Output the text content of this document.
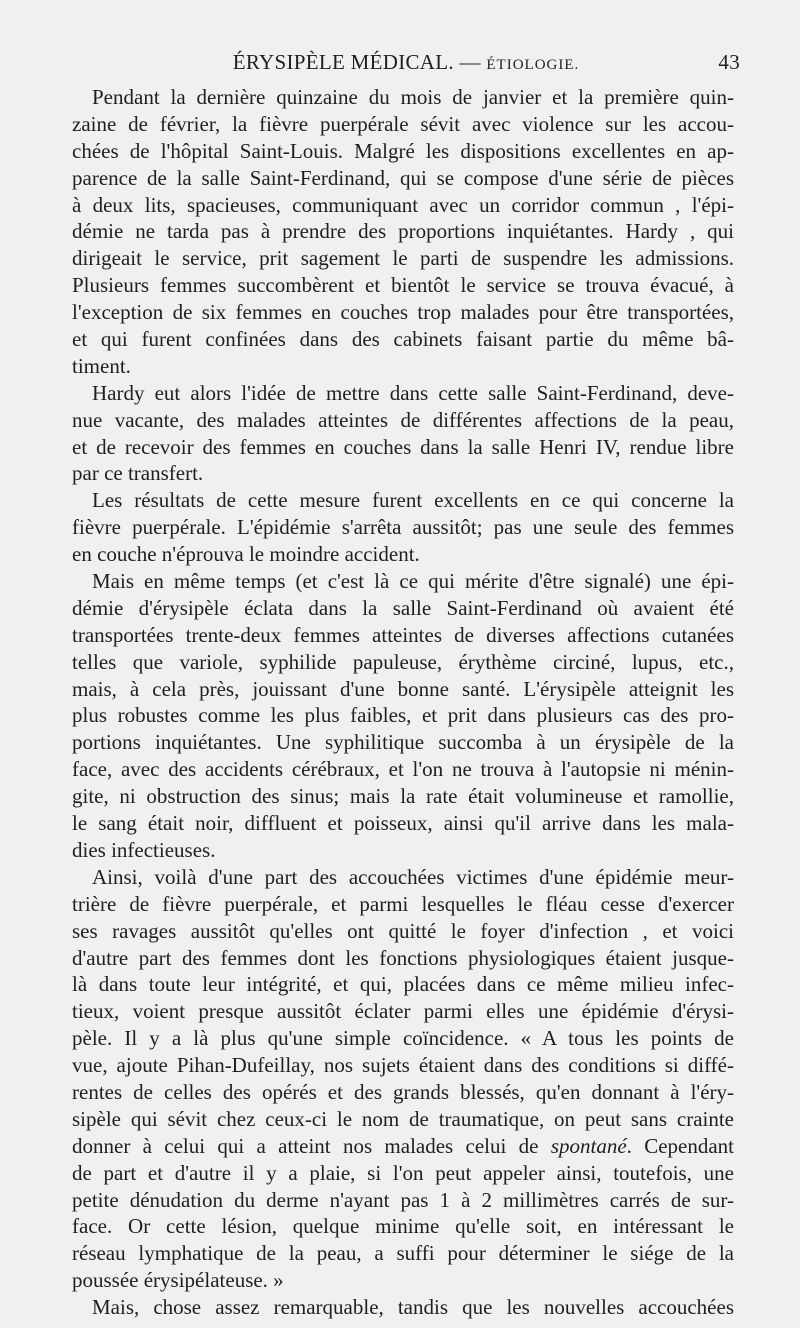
ÉRYSIPÈLE MÉDICAL. — ÉTIOLOGIE.	43
Pendant la dernière quinzaine du mois de janvier et la première quin-
zaine de février, la fièvre puerpérale sévit avec violence sur les accou-
chées de l'hôpital Saint-Louis. Malgré les dispositions excellentes en ap-
parence de la salle Saint-Ferdinand, qui se compose d'une série de pièces
à deux lits, spacieuses, communiquant avec un corridor commun , l'épi-
démie ne tarda pas à prendre des proportions inquiétantes. Hardy , qui
dirigeait le service, prit sagement le parti de suspendre les admissions.
Plusieurs femmes succombèrent et bientôt le service se trouva évacué, à
l'exception de six femmes en couches trop malades pour être transportées,
et qui furent confinées dans des cabinets faisant partie du même bâ-
timent.
Hardy eut alors l'idée de mettre dans cette salle Saint-Ferdinand, deve-
nue vacante, des malades atteintes de différentes affections de la peau,
et de recevoir des femmes en couches dans la salle Henri IV, rendue libre
par ce transfert.
Les résultats de cette mesure furent excellents en ce qui concerne la
fièvre puerpérale. L'épidémie s'arrêta aussitôt; pas une seule des femmes
en couche n'éprouva le moindre accident.
Mais en même temps (et c'est là ce qui mérite d'être signalé) une épi-
démie d'érysipèle éclata dans la salle Saint-Ferdinand où avaient été
transportées trente-deux femmes atteintes de diverses affections cutanées
telles que variole, syphilide papuleuse, érythème circiné, lupus, etc.,
mais, à cela près, jouissant d'une bonne santé. L'érysipèle atteignit les
plus robustes comme les plus faibles, et prit dans plusieurs cas des pro-
portions inquiétantes. Une syphilitique succomba à un érysipèle de la
face, avec des accidents cérébraux, et l'on ne trouva à l'autopsie ni ménin-
gite, ni obstruction des sinus; mais la rate était volumineuse et ramollie,
le sang était noir, diffluent et poisseux, ainsi qu'il arrive dans les mala-
dies infectieuses.
Ainsi, voilà d'une part des accouchées victimes d'une épidémie meur-
trière de fièvre puerpérale, et parmi lesquelles le fléau cesse d'exercer
ses ravages aussitôt qu'elles ont quitté le foyer d'infection , et voici
d'autre part des femmes dont les fonctions physiologiques étaient jusque-
là dans toute leur intégrité, et qui, placées dans ce même milieu infec-
tieux, voient presque aussitôt éclater parmi elles une épidémie d'érysi-
pèle. Il y a là plus qu'une simple coïncidence. « A tous les points de
vue, ajoute Pihan-Dufeillay, nos sujets étaient dans des conditions si diffé-
rentes de celles des opérés et des grands blessés, qu'en donnant à l'éry-
sipèle qui sévit chez ceux-ci le nom de traumatique, on peut sans crainte
donner à celui qui a atteint nos malades celui de spontané. Cependant
de part et d'autre il y a plaie, si l'on peut appeler ainsi, toutefois, une
petite dénudation du derme n'ayant pas 1 à 2 millimètres carrés de sur-
face. Or cette lésion, quelque minime qu'elle soit, en intéressant le
réseau lymphatique de la peau, a suffi pour déterminer le siége de la
poussée érysipélateuse. »
Mais, chose assez remarquable, tandis que les nouvelles accouchées
